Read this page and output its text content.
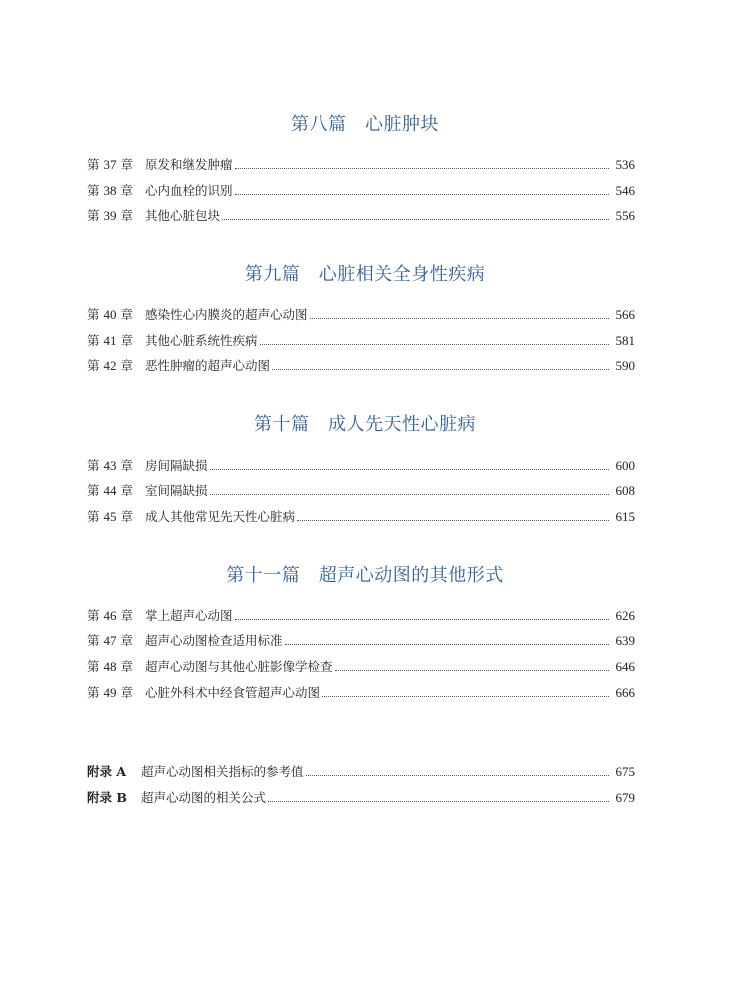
第八篇　心脏肿块
第 37 章 原发和继发肿瘤	536
第 38 章 心内血栓的识别	546
第 39 章 其他心脏包块	556
第九篇　心脏相关全身性疾病
第 40 章 感染性心内膜炎的超声心动图	566
第 41 章 其他心脏系统性疾病	581
第 42 章 恶性肿瘤的超声心动图	590
第十篇　成人先天性心脏病
第 43 章 房间隔缺损	600
第 44 章 室间隔缺损	608
第 45 章 成人其他常见先天性心脏病	615
第十一篇　超声心动图的其他形式
第 46 章 掌上超声心动图	626
第 47 章 超声心动图检查适用标准	639
第 48 章 超声心动图与其他心脏影像学检查	646
第 49 章 心脏外科术中经食管超声心动图	666
附录 A	超声心动图相关指标的参考值	675
附录 B	超声心动图的相关公式	679
